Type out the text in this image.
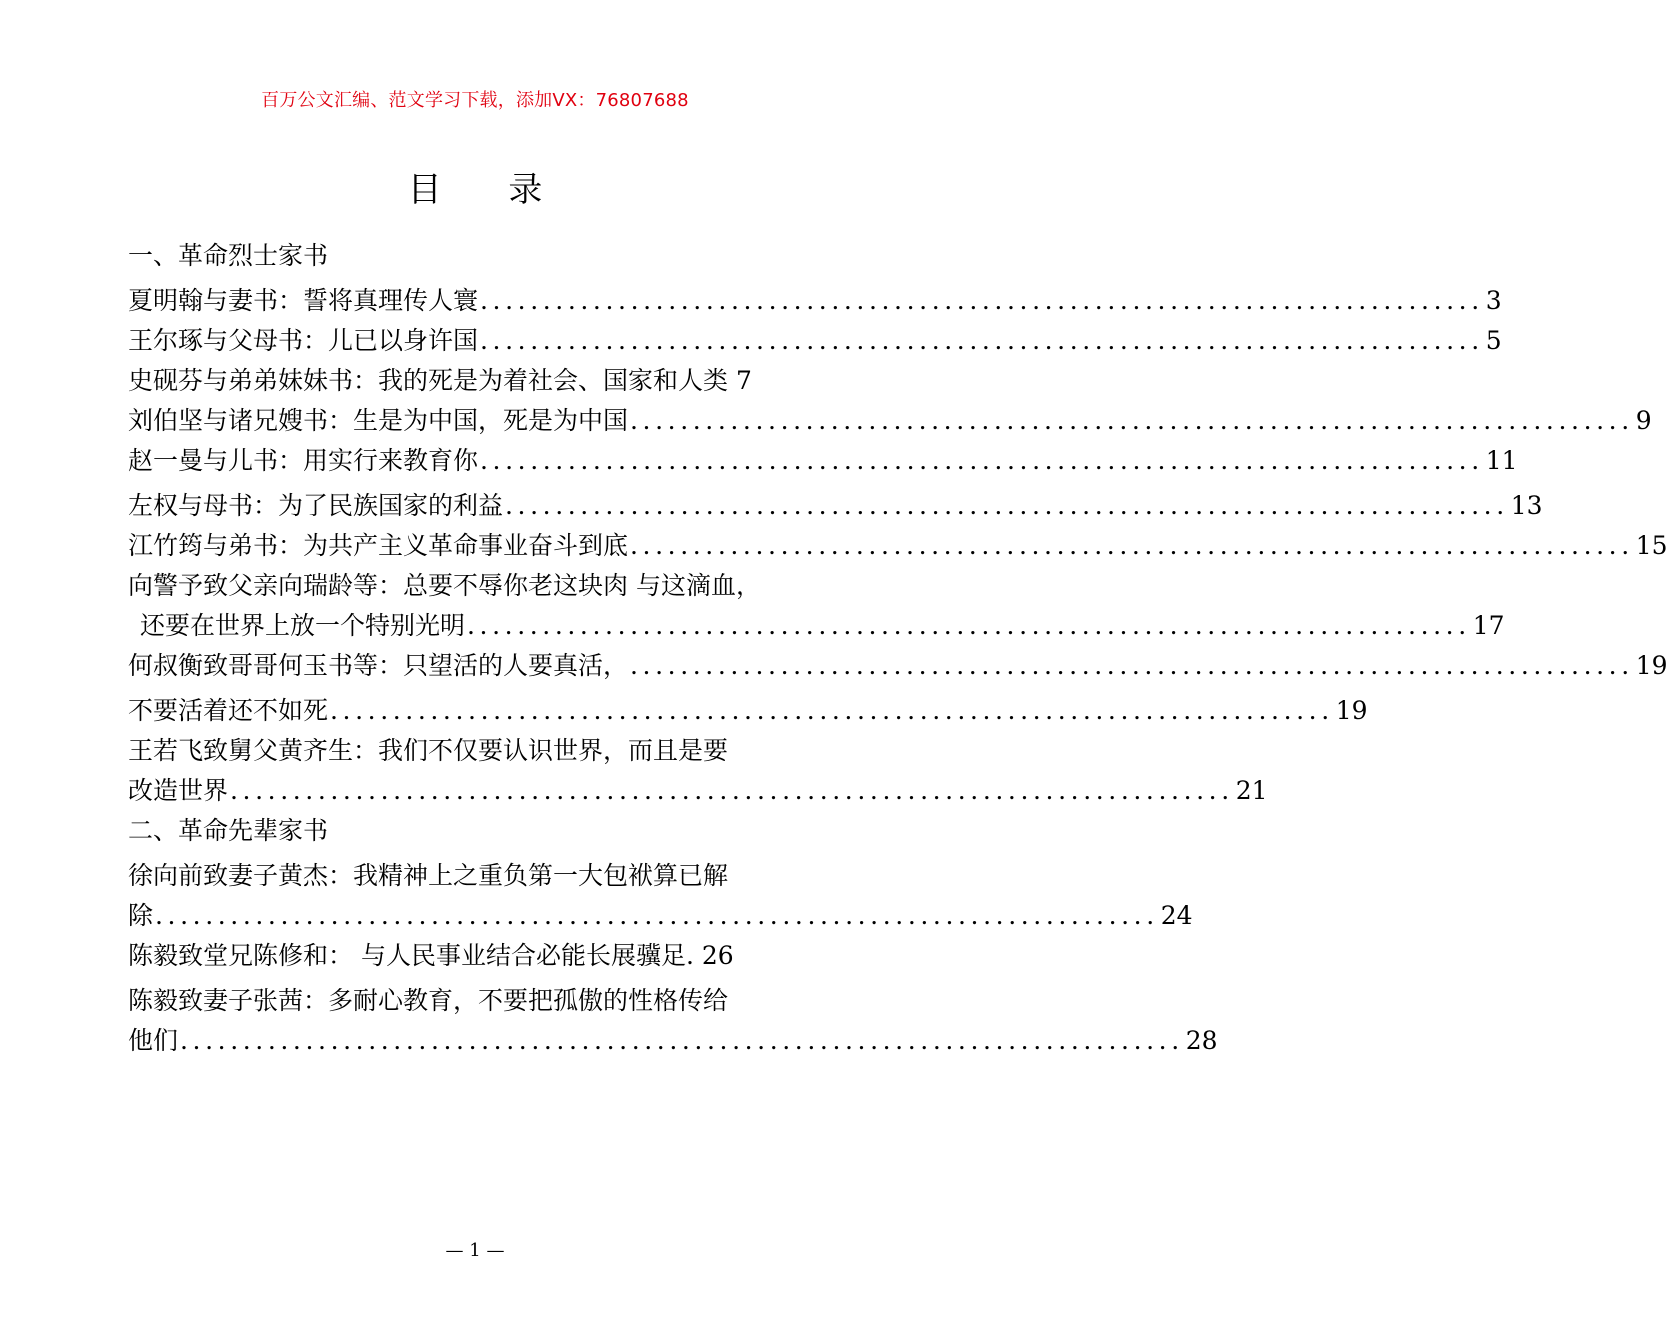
百万公文汇编、范文学习下载，添加VX：76807688
目 录
一、革命烈士家书
夏明翰与妻书：誓将真理传人寰 ................................................................................ 3
王尔琢与父母书：儿已以身许国 ................................................................................ 5
史砚芬与弟弟妹妹书：我的死是为着社会、国家和人类 7
刘伯坚与诸兄嫂书：生是为中国，死是为中国 ................................................................................ 9
赵一曼与儿书：用实行来教育你 ................................................................................ 11
左权与母书：为了民族国家的利益 ................................................................................ 13
江竹筠与弟书：为共产主义革命事业奋斗到底 ................................................................................ 15
向警予致父亲向瑞龄等：总要不辱你老这块肉 与这滴血，
还要在世界上放一个特别光明 ................................................................................ 17
何叔衡致哥哥何玉书等：只望活的人要真活， ................................................................................ 19
不要活着还不如死 ................................................................................ 19
王若飞致舅父黄齐生：我们不仅要认识世界，而且是要
改造世界 ................................................................................ 21
二、革命先辈家书
徐向前致妻子黄杰：我精神上之重负第一大包袱算已解
除 ................................................................................ 24
陈毅致堂兄陈修和： 与人民事业结合必能长展骥足. 26
陈毅致妻子张茜：多耐心教育，不要把孤傲的性格传给
他们 ................................................................................ 28
— 1 —
